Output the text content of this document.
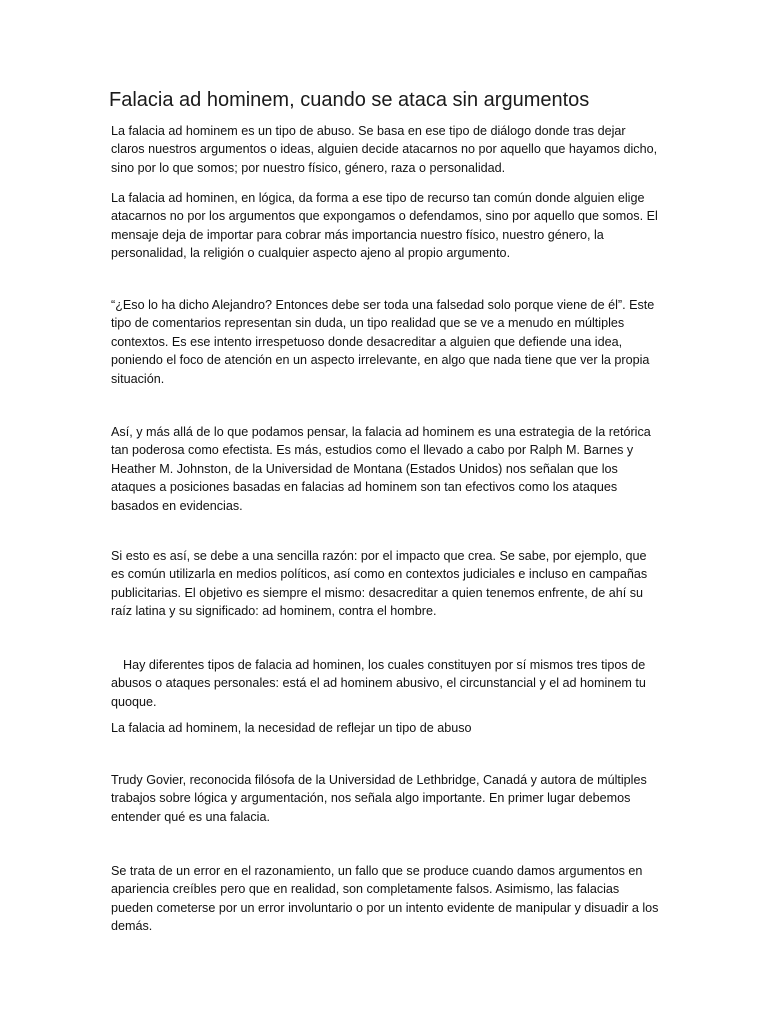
Falacia ad hominem, cuando se ataca sin argumentos

La falacia ad hominem es un tipo de abuso. Se basa en ese tipo de diálogo donde tras dejar claros nuestros argumentos o ideas, alguien decide atacarnos no por aquello que hayamos dicho, sino por lo que somos; por nuestro físico, género, raza o personalidad.

La falacia ad hominen, en lógica, da forma a ese tipo de recurso tan común donde alguien elige atacarnos no por los argumentos que expongamos o defendamos, sino por aquello que somos. El mensaje deja de importar para cobrar más importancia nuestro físico, nuestro género, la personalidad, la religión o cualquier aspecto ajeno al propio argumento.

“¿Eso lo ha dicho Alejandro? Entonces debe ser toda una falsedad solo porque viene de él”. Este tipo de comentarios representan sin duda, un tipo realidad que se ve a menudo en múltiples contextos. Es ese intento irrespetuoso donde desacreditar a alguien que defiende una idea, poniendo el foco de atención en un aspecto irrelevante, en algo que nada tiene que ver la propia situación.

Así, y más allá de lo que podamos pensar, la falacia ad hominem es una estrategia de la retórica tan poderosa como efectista. Es más, estudios como el llevado a cabo por Ralph M. Barnes y Heather M. Johnston, de la Universidad de Montana (Estados Unidos) nos señalan que los ataques a posiciones basadas en falacias ad hominem son tan efectivos como los ataques basados en evidencias.

Si esto es así, se debe a una sencilla razón: por el impacto que crea. Se sabe, por ejemplo, que es común utilizarla en medios políticos, así como en contextos judiciales e incluso en campañas publicitarias. El objetivo es siempre el mismo: desacreditar a quien tenemos enfrente, de ahí su raíz latina y su significado: ad hominem, contra el hombre.

Hay diferentes tipos de falacia ad hominen, los cuales constituyen por sí mismos tres tipos de abusos o ataques personales: está el ad hominem abusivo, el circunstancial y el ad hominem tu quoque.

La falacia ad hominem, la necesidad de reflejar un tipo de abuso

Trudy Govier, reconocida filósofa de la Universidad de Lethbridge, Canadá y autora de múltiples trabajos sobre lógica y argumentación, nos señala algo importante. En primer lugar debemos entender qué es una falacia.

Se trata de un error en el razonamiento, un fallo que se produce cuando damos argumentos en apariencia creíbles pero que en realidad, son completamente falsos. Asimismo, las falacias pueden cometerse por un error involuntario o por un intento evidente de manipular y disuadir a los demás.
